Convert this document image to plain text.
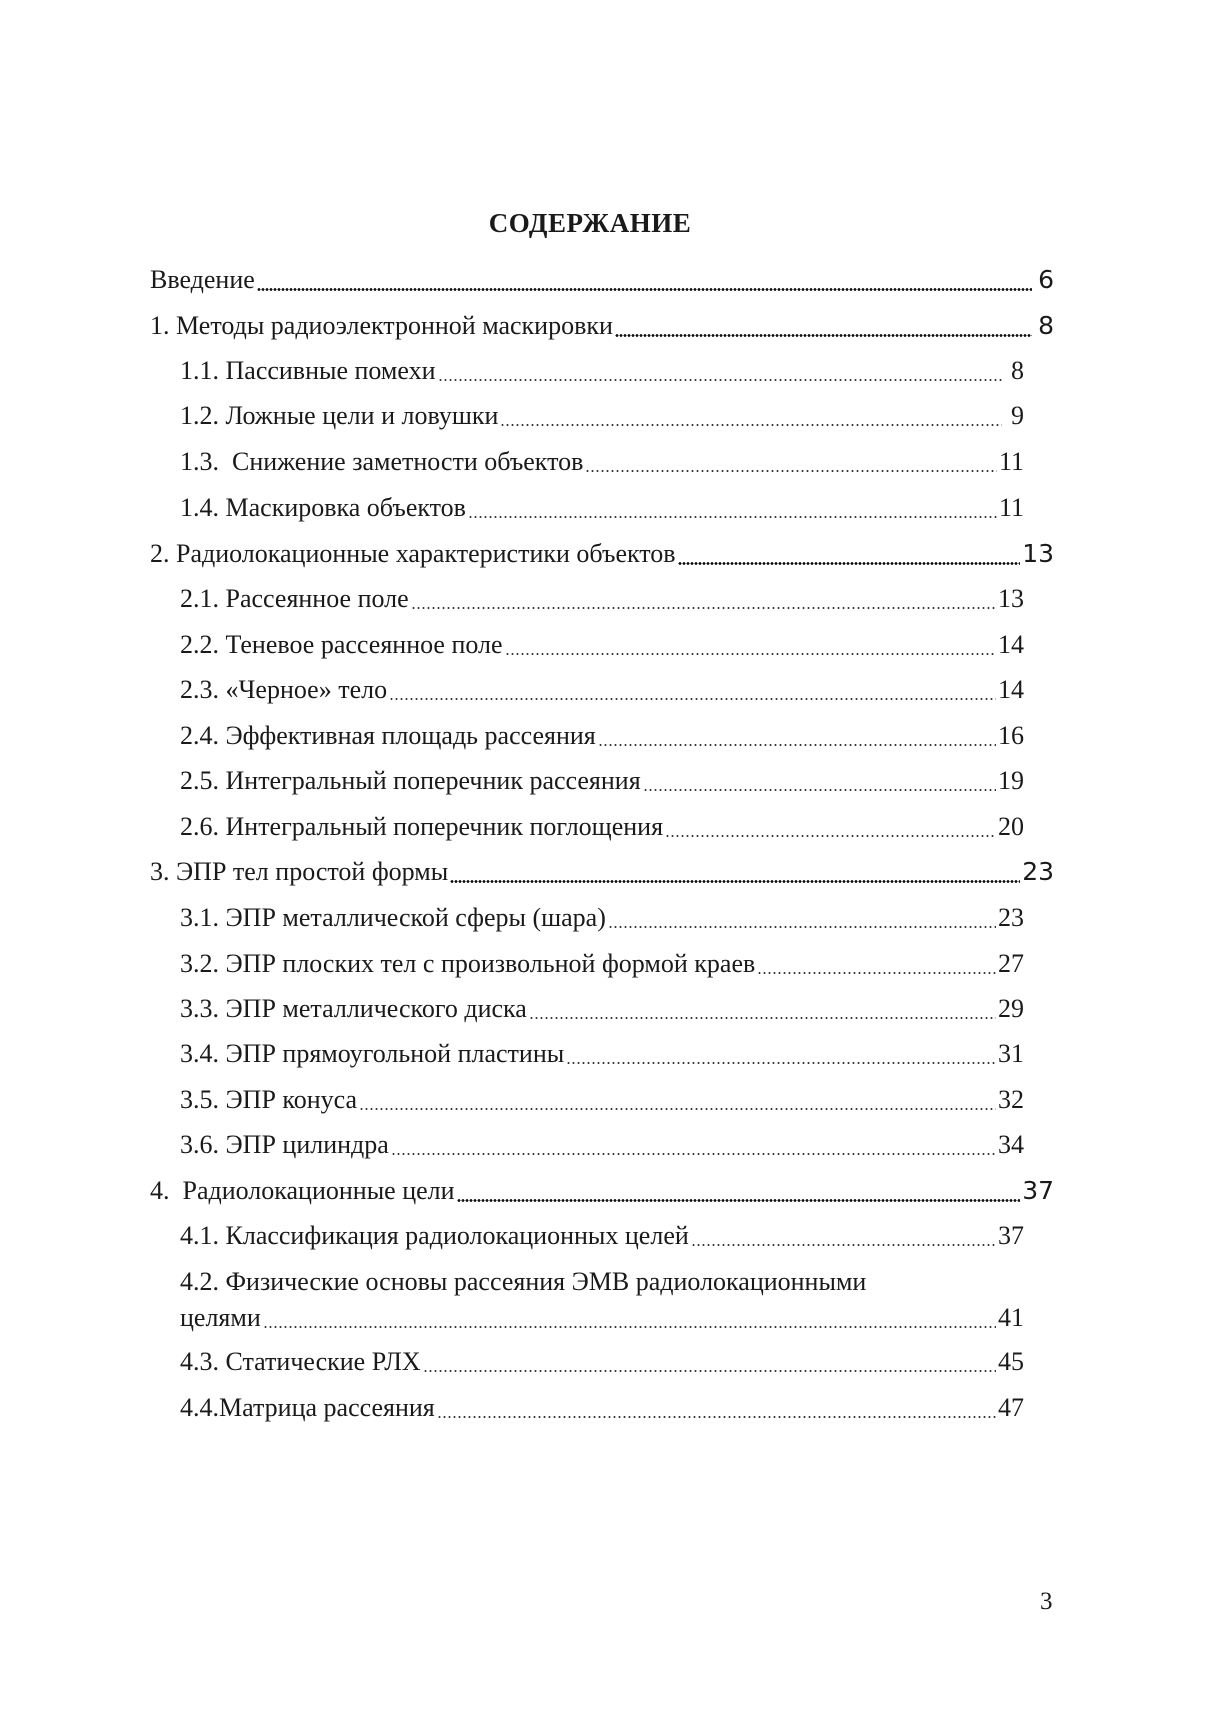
СОДЕРЖАНИЕ
Введение	6
1. Методы радиоэлектронной маскировки	8
1.1. Пассивные помехи	8
1.2. Ложные цели и ловушки	9
1.3.  Снижение заметности объектов	11
1.4. Маскировка объектов	11
2. Радиолокационные характеристики объектов	13
2.1. Рассеянное поле	13
2.2. Теневое рассеянное поле	14
2.3. «Черное» тело	14
2.4. Эффективная площадь рассеяния	16
2.5. Интегральный поперечник рассеяния	19
2.6. Интегральный поперечник поглощения	20
3. ЭПР тел простой формы	23
3.1. ЭПР металлической сферы (шара)	23
3.2. ЭПР плоских тел с произвольной формой краев	27
3.3. ЭПР металлического диска	29
3.4. ЭПР прямоугольной пластины	31
3.5. ЭПР конуса	32
3.6. ЭПР цилиндра	34
4.  Радиолокационные цели	37
4.1. Классификация радиолокационных целей	37
4.2. Физические основы рассеяния ЭМВ радиолокационными
целями	41
4.3. Статические РЛХ	45
4.4.Матрица рассеяния	47
3
